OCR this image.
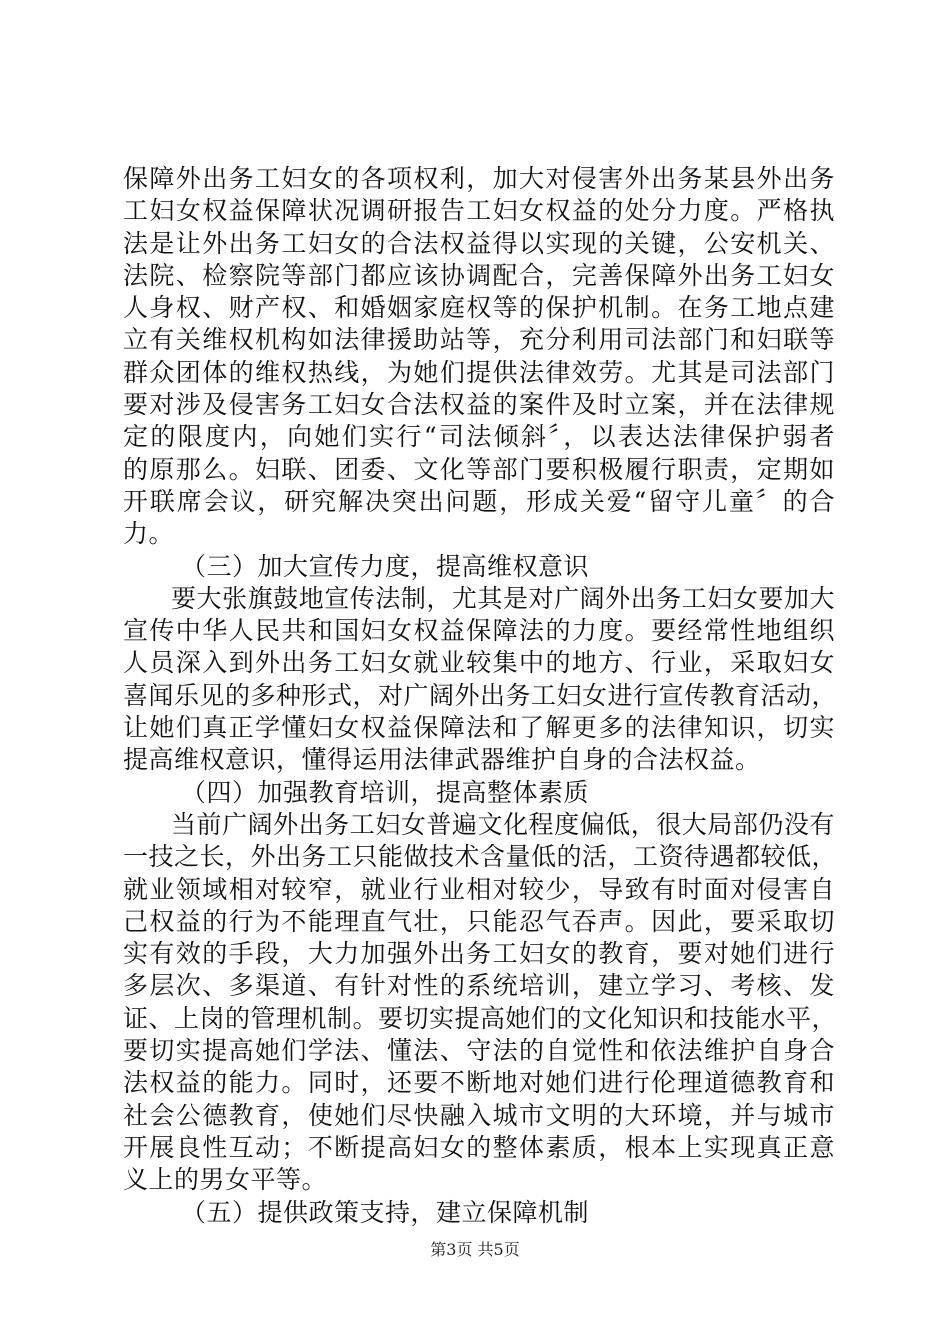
保障外出务工妇女的各项权利，加大对侵害外出务某县外出务
工妇女权益保障状况调研报告工妇女权益的处分力度。严格执
法是让外出务工妇女的合法权益得以实现的关键，公安机关、
法院、检察院等部门都应该协调配合，完善保障外出务工妇女
人身权、财产权、和婚姻家庭权等的保护机制。在务工地点建
立有关维权机构如法律援助站等，充分利用司法部门和妇联等
群众团体的维权热线，为她们提供法律效劳。尤其是司法部门
要对涉及侵害务工妇女合法权益的案件及时立案，并在法律规
定的限度内，向她们实行“司法倾斜〞，以表达法律保护弱者
的原那么。妇联、团委、文化等部门要积极履行职责，定期如
开联席会议，研究解决突出问题，形成关爱“留守儿童〞的合
力。
（三）加大宣传力度，提高维权意识
要大张旗鼓地宣传法制，尤其是对广阔外出务工妇女要加大
宣传中华人民共和国妇女权益保障法的力度。要经常性地组织
人员深入到外出务工妇女就业较集中的地方、行业，采取妇女
喜闻乐见的多种形式，对广阔外出务工妇女进行宣传教育活动，
让她们真正学懂妇女权益保障法和了解更多的法律知识，切实
提高维权意识，懂得运用法律武器维护自身的合法权益。
（四）加强教育培训，提高整体素质
当前广阔外出务工妇女普遍文化程度偏低，很大局部仍没有
一技之长，外出务工只能做技术含量低的活，工资待遇都较低，
就业领域相对较窄，就业行业相对较少，导致有时面对侵害自
己权益的行为不能理直气壮，只能忍气吞声。因此，要采取切
实有效的手段，大力加强外出务工妇女的教育，要对她们进行
多层次、多渠道、有针对性的系统培训，建立学习、考核、发
证、上岗的管理机制。要切实提高她们的文化知识和技能水平，
要切实提高她们学法、懂法、守法的自觉性和依法维护自身合
法权益的能力。同时，还要不断地对她们进行伦理道德教育和
社会公德教育，使她们尽快融入城市文明的大环境，并与城市
开展良性互动；不断提高妇女的整体素质，根本上实现真正意
义上的男女平等。
（五）提供政策支持，建立保障机制
第3页 共5页
